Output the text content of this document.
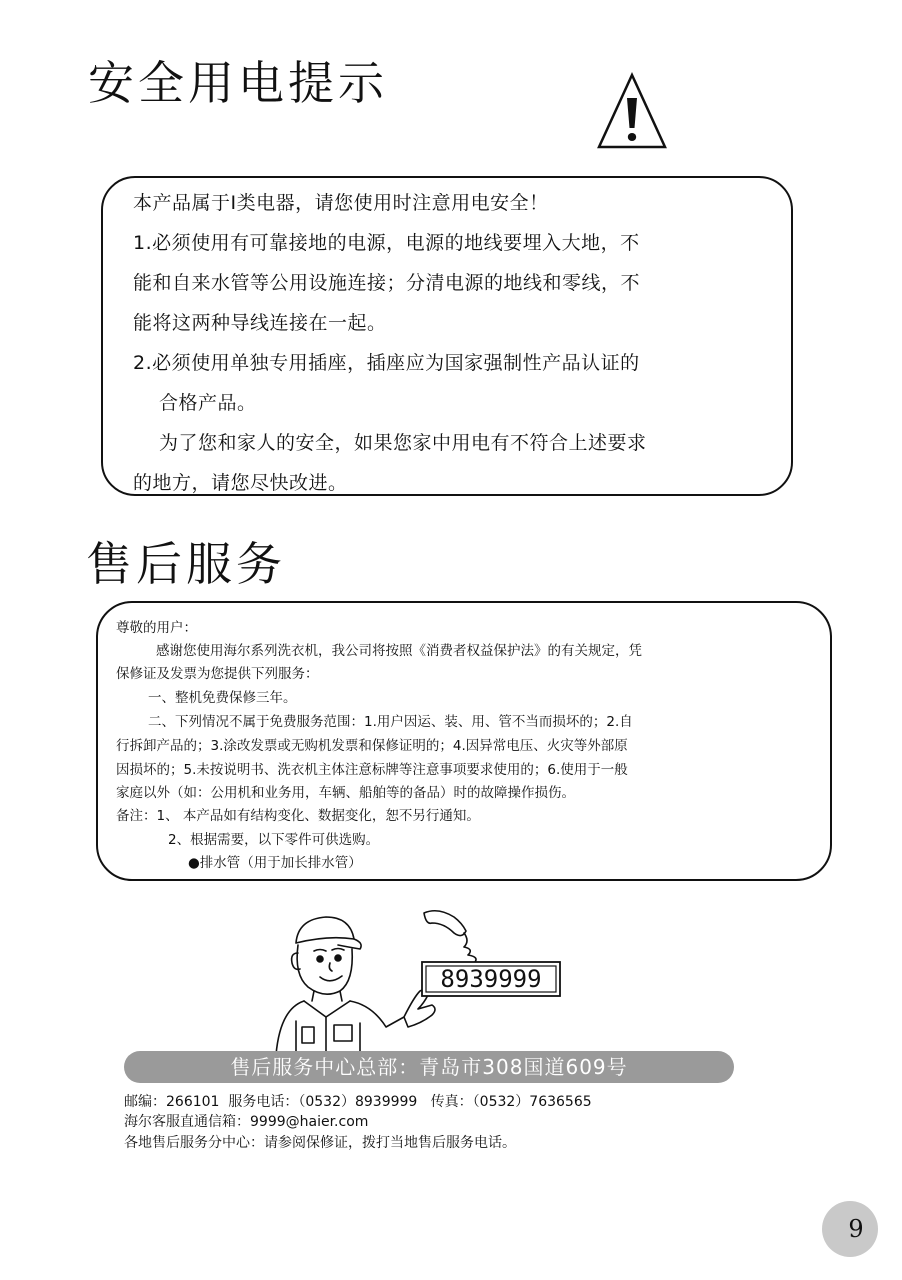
安全用电提示

本产品属于I类电器，请您使用时注意用电安全！

1.必须使用有可靠接地的电源，电源的地线要埋入大地，不

能和自来水管等公用设施连接；分清电源的地线和零线，不

能将这两种导线连接在一起。

2.必须使用单独专用插座，插座应为国家强制性产品认证的

合格产品。

为了您和家人的安全，如果您家中用电有不符合上述要求

的地方，请您尽快改进。

售后服务

尊敬的用户：

感谢您使用海尔系列洗衣机，我公司将按照《消费者权益保护法》的有关规定，凭

保修证及发票为您提供下列服务：

一、整机免费保修三年。

二、下列情况不属于免费服务范围：1.用户因运、装、用、管不当而损坏的；2.自

行拆卸产品的；3.涂改发票或无购机发票和保修证明的；4.因异常电压、火灾等外部原

因损坏的；5.未按说明书、洗衣机主体注意标牌等注意事项要求使用的；6.使用于一般

家庭以外（如：公用机和业务用，车辆、船舶等的备品）时的故障操作损伤。

备注：1、 本产品如有结构变化、数据变化，恕不另行通知。

2、根据需要，以下零件可供选购。

●排水管（用于加长排水管）

8939999
售后服务中心总部：青岛市308国道609号
邮编：266101  服务电话：（0532）8939999   传真：（0532）7636565
海尔客服直通信箱：9999@haier.com
各地售后服务分中心：请参阅保修证，拨打当地售后服务电话。
9
